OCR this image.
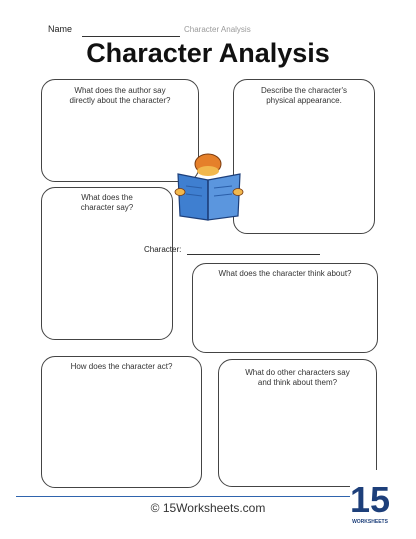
Name	Character Analysis
Character Analysis
What does the author say directly about the character?
Describe the character's physical appearance.
What does the character say?
What does the character think about?
How does the character act?
What do other characters say and think about them?
Character:
© 15Worksheets.com	15
WORKSHEETS
